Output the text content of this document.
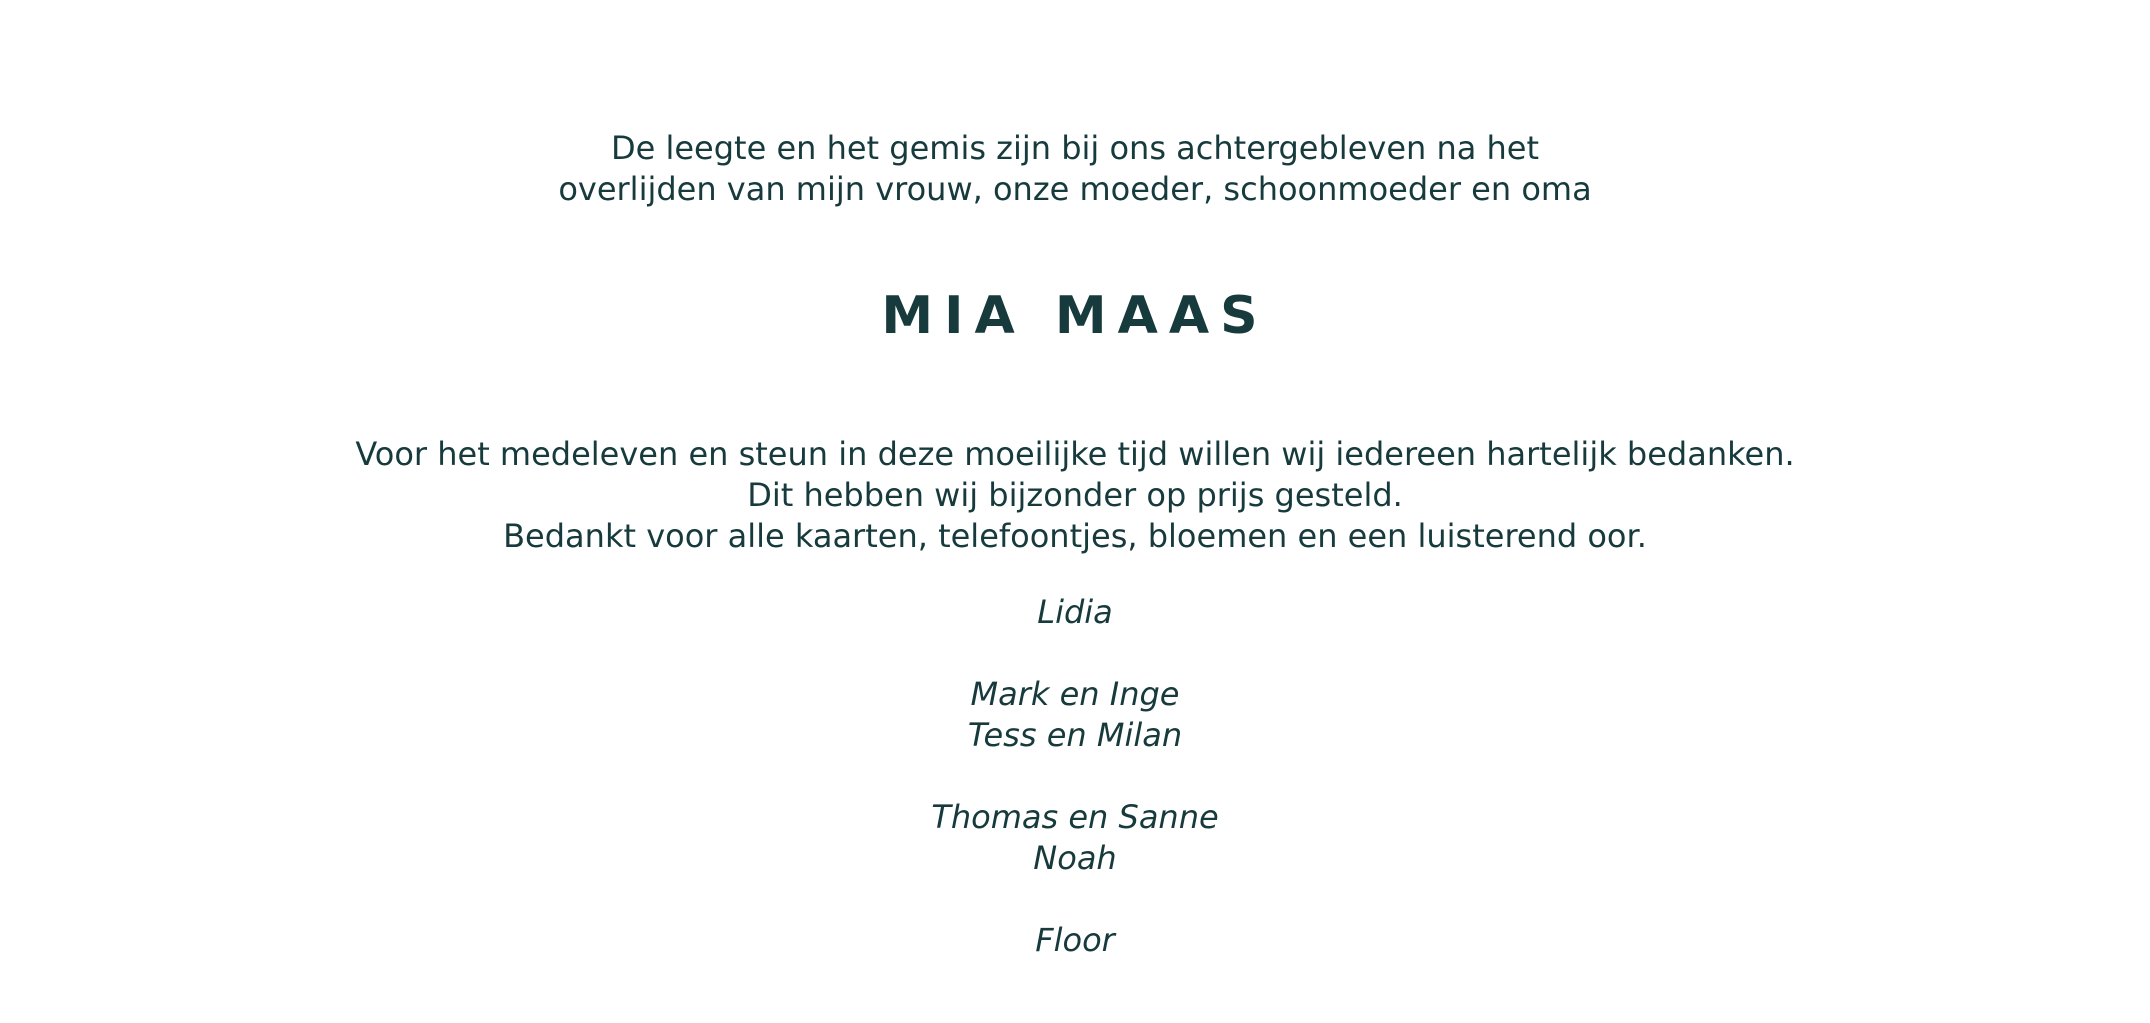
De leegte en het gemis zijn bij ons achtergebleven na het
overlijden van mijn vrouw, onze moeder, schoonmoeder en oma
MIA MAAS
Voor het medeleven en steun in deze moeilijke tijd willen wij iedereen hartelijk bedanken.
Dit hebben wij bijzonder op prijs gesteld.
Bedankt voor alle kaarten, telefoontjes, bloemen en een luisterend oor.
Lidia
Mark en Inge
Tess en Milan
Thomas en Sanne
Noah
Floor
